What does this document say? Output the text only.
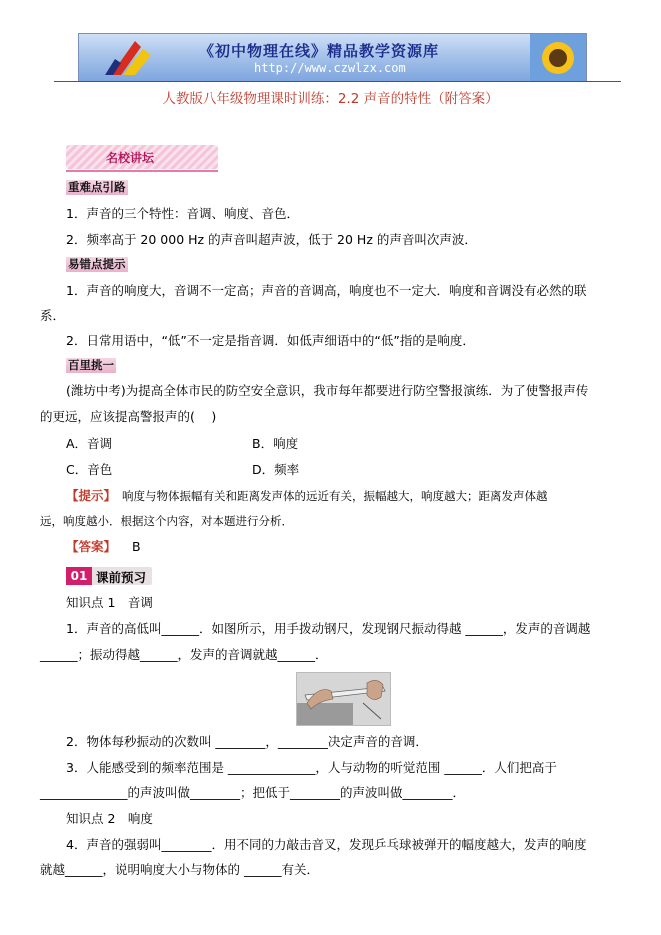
《初中物理在线》精品教学资源库
http://www.czwlzx.com
人教版八年级物理课时训练：2.2 声音的特性（附答案）
名校讲坛
重难点引路
1．声音的三个特性：音调、响度、音色．
2．频率高于 20 000 Hz 的声音叫超声波，低于 20 Hz 的声音叫次声波．
易错点提示
1．声音的响度大，音调不一定高；声音的音调高，响度也不一定大．响度和音调没有必然的联
系．
2．日常用语中，“低”不一定是指音调．如低声细语中的“低”指的是响度．
百里挑一
(潍坊中考)为提高全体市民的防空安全意识，我市每年都要进行防空警报演练．为了使警报声传
的更远，应该提高警报声的(　 )
A．音调	B．响度
C．音色	D．频率
【提示】 响度与物体振幅有关和距离发声体的远近有关，振幅越大，响度越大；距离发声体越
远，响度越小．根据这个内容，对本题进行分析．
【答案】 B
01 课前预习
知识点 1　音调
1．声音的高低叫______．如图所示，用手拨动钢尺，发现钢尺振动得越 ______，发声的音调越
______；振动得越______，发声的音调就越______．
2．物体每秒振动的次数叫 ________，________决定声音的音调．
3．人能感受到的频率范围是 ______________，人与动物的听觉范围 ______．人们把高于
______________的声波叫做________；把低于________的声波叫做________．
知识点 2　响度
4．声音的强弱叫________．用不同的力敲击音叉，发现乒乓球被弹开的幅度越大，发声的响度
就越______，说明响度大小与物体的 ______有关．
